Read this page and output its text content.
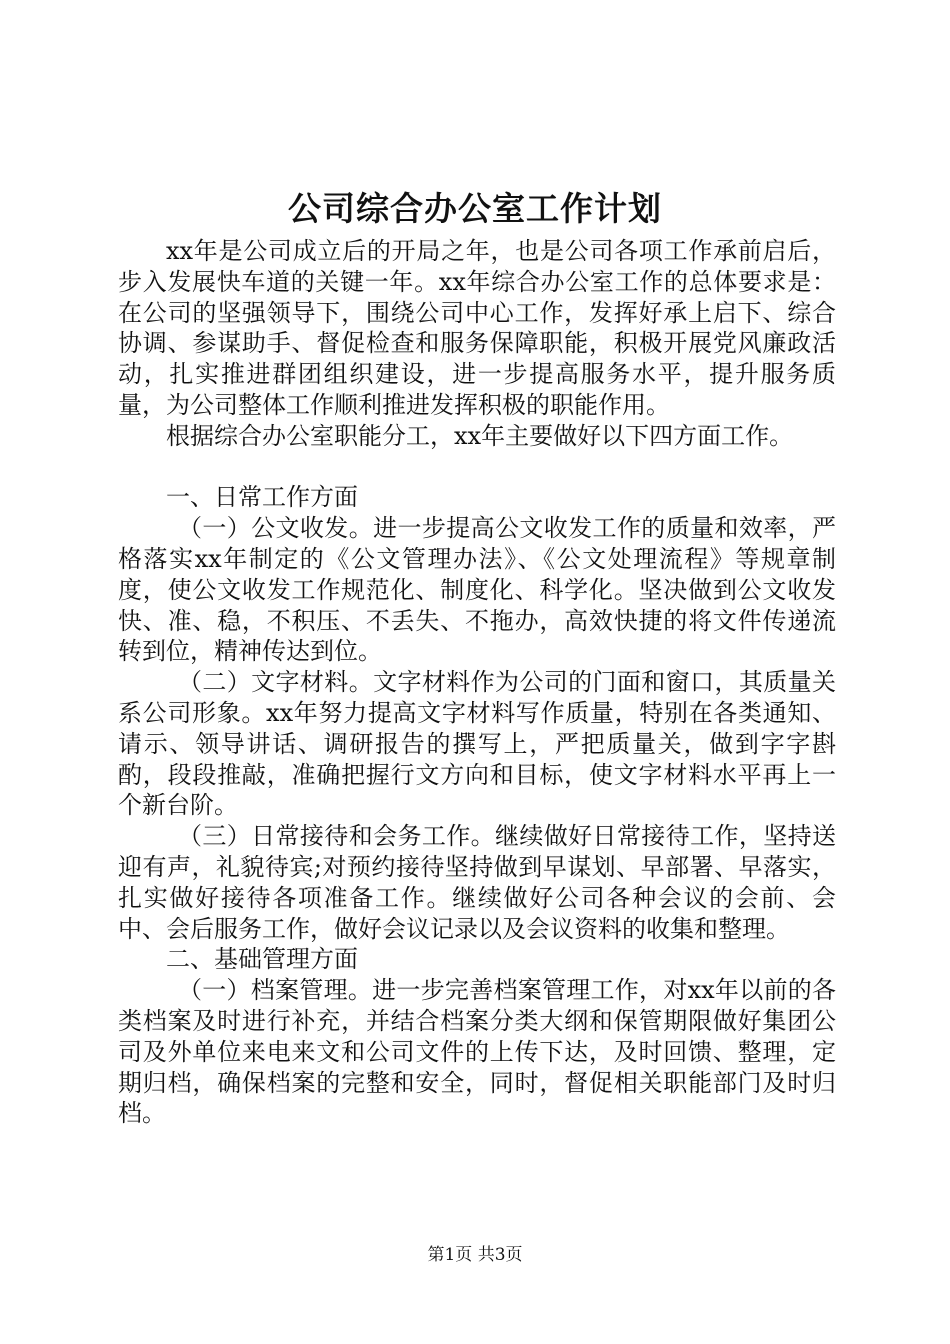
公司综合办公室工作计划

xx年是公司成立后的开局之年，也是公司各项工作承前启后，步入发展快车道的关键一年。xx年综合办公室工作的总体要求是：在公司的坚强领导下，围绕公司中心工作，发挥好承上启下、综合协调、参谋助手、督促检查和服务保障职能，积极开展党风廉政活动，扎实推进群团组织建设，进一步提高服务水平，提升服务质量，为公司整体工作顺利推进发挥积极的职能作用。

根据综合办公室职能分工，xx年主要做好以下四方面工作。

一、日常工作方面

（一）公文收发。进一步提高公文收发工作的质量和效率，严格落实xx年制定的《公文管理办法》、《公文处理流程》等规章制度，使公文收发工作规范化、制度化、科学化。坚决做到公文收发快、准、稳，不积压、不丢失、不拖办，高效快捷的将文件传递流转到位，精神传达到位。

（二）文字材料。文字材料作为公司的门面和窗口，其质量关系公司形象。xx年努力提高文字材料写作质量，特别在各类通知、请示、领导讲话、调研报告的撰写上，严把质量关，做到字字斟酌，段段推敲，准确把握行文方向和目标，使文字材料水平再上一个新台阶。

（三）日常接待和会务工作。继续做好日常接待工作，坚持送迎有声，礼貌待宾;对预约接待坚持做到早谋划、早部署、早落实，扎实做好接待各项准备工作。继续做好公司各种会议的会前、会中、会后服务工作，做好会议记录以及会议资料的收集和整理。

二、基础管理方面

（一）档案管理。进一步完善档案管理工作，对xx年以前的各类档案及时进行补充，并结合档案分类大纲和保管期限做好集团公司及外单位来电来文和公司文件的上传下达，及时回馈、整理，定期归档，确保档案的完整和安全，同时，督促相关职能部门及时归档。

第1页 共3页
